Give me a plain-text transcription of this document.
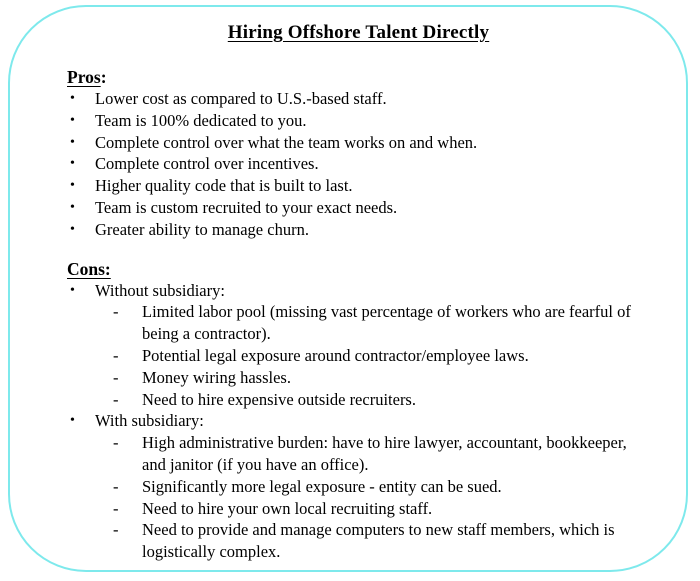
Hiring Offshore Talent Directly
Pros:
•	Lower cost as compared to U.S.-based staff.
•	Team is 100% dedicated to you.
•	Complete control over what the team works on and when.
•	Complete control over incentives.
•	Higher quality code that is built to last.
•	Team is custom recruited to your exact needs.
•	Greater ability to manage churn.
Cons:
•	Without subsidiary:
-	Limited labor pool (missing vast percentage of workers who are fearful of being a contractor).
-	Potential legal exposure around contractor/employee laws.
-	Money wiring hassles.
-	Need to hire expensive outside recruiters.
•	With subsidiary:
-	High administrative burden: have to hire lawyer, accountant, bookkeeper, and janitor (if you have an office).
-	Significantly more legal exposure - entity can be sued.
-	Need to hire your own local recruiting staff.
-	Need to provide and manage computers to new staff members, which is logistically complex.
